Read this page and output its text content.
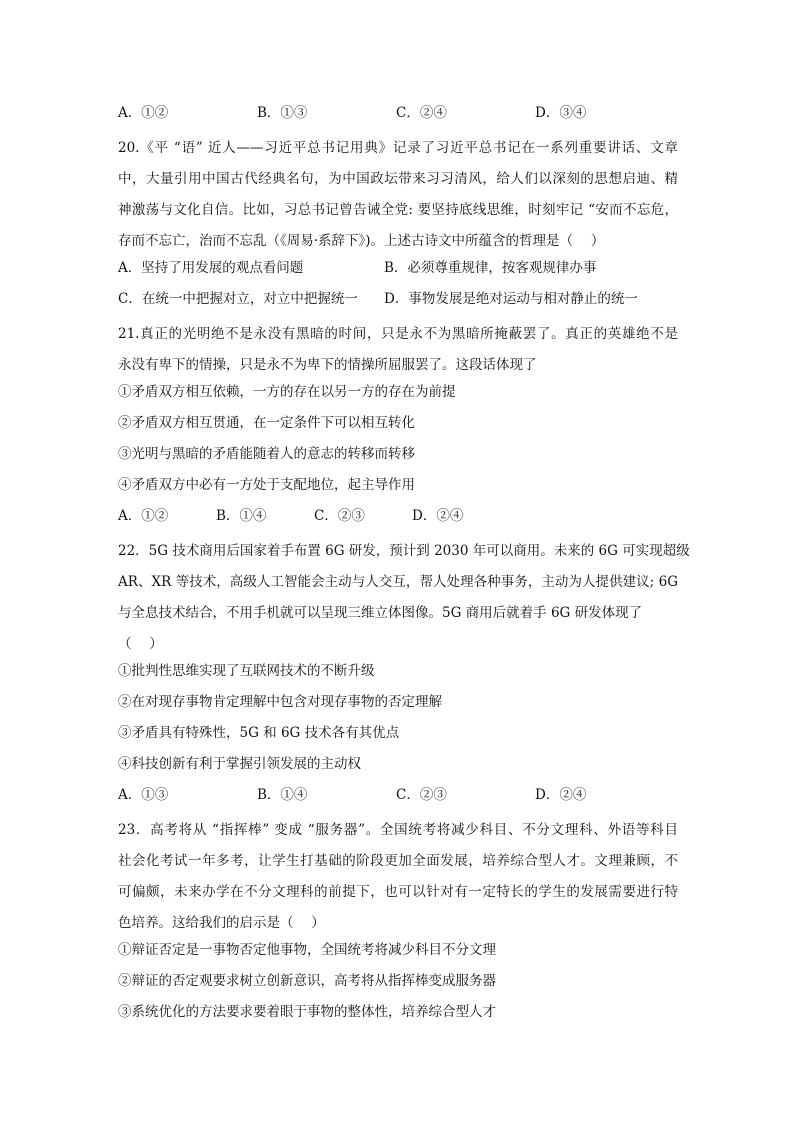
A．①②	B．①③	C．②④	D．③④
20.《平 “语” 近人——习近平总书记用典》记录了习近平总书记在一系列重要讲话、文章
中，大量引用中国古代经典名句，为中国政坛带来习习清风，给人们以深刻的思想启迪、精
神激荡与文化自信。比如，习总书记曾告诫全党: 要坚持底线思维，时刻牢记 “安而不忘危，
存而不忘亡，治而不忘乱（《周易·系辞下》)。上述古诗文中所蕴含的哲理是（　 ）
A．坚持了用发展的观点看问题	B．必须尊重规律，按客观规律办事
C．在统一中把握对立，对立中把握统一	D．事物发展是绝对运动与相对静止的统一
21.真正的光明绝不是永没有黑暗的时间，只是永不为黑暗所掩蔽罢了。真正的英雄绝不是
永没有卑下的情操，只是永不为卑下的情操所屈服罢了。这段话体现了
①矛盾双方相互依赖，一方的存在以另一方的存在为前提
②矛盾双方相互贯通，在一定条件下可以相互转化
③光明与黑暗的矛盾能随着人的意志的转移而转移
④矛盾双方中必有一方处于支配地位，起主导作用
A．①②	B．①④	C．②③	D．②④
22．5G 技术商用后国家着手布置 6G 研发，预计到 2030 年可以商用。未来的 6G 可实现超级
AR、XR 等技术，高级人工智能会主动与人交互，帮人处理各种事务，主动为人提供建议; 6G
与全息技术结合，不用手机就可以呈现三维立体图像。5G 商用后就着手 6G 研发体现了
（　 ）
①批判性思维实现了互联网技术的不断升级
②在对现存事物肯定理解中包含对现存事物的否定理解
③矛盾具有特殊性，5G 和 6G 技术各有其优点
④科技创新有利于掌握引领发展的主动权
A．①③	B．①④	C．②③	D．②④
23．高考将从 “指挥棒” 变成 “服务器”。全国统考将减少科目、不分文理科、外语等科目
社会化考试一年多考，让学生打基础的阶段更加全面发展，培养综合型人才。文理兼顾，不
可偏颇，未来办学在不分文理科的前提下，也可以针对有一定特长的学生的发展需要进行特
色培养。这给我们的启示是（　 ）
①辩证否定是一事物否定他事物，全国统考将减少科目不分文理
②辩证的否定观要求树立创新意识，高考将从指挥棒变成服务器
③系统优化的方法要求要着眼于事物的整体性，培养综合型人才
